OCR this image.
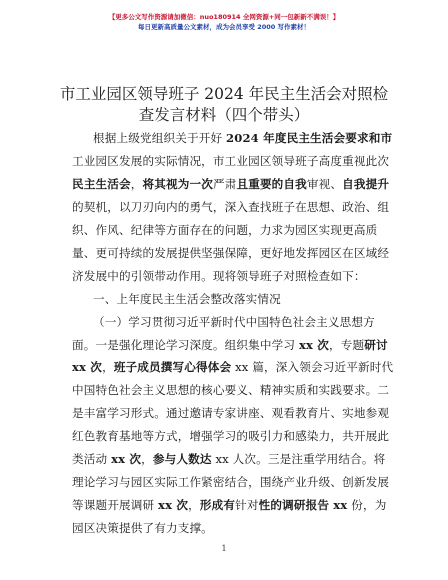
【更多公文写作资源请加微信：nuo180914 全网资源+同一包新新不满误！】
每日更新高质量公文素材，成为会员享受 2000 写作素材！
市工业园区领导班子 2024 年民主生活会对照检
查发言材料（四个带头）
根据上级党组织关于开好 2024 年度民主生活会要求和市
工业园区发展的实际情况，市工业园区领导班子高度重视此次
民主生活会，将其视为一次严肃且重要的自我审视、自我提升
的契机，以刀刃向内的勇气，深入查找班子在思想、政治、组
织、作风、纪律等方面存在的问题，力求为园区实现更高质
量、更可持续的发展提供坚强保障，更好地发挥园区在区域经
济发展中的引领带动作用。现将领导班子对照检查如下：
一、上年度民主生活会整改落实情况
（一）学习贯彻习近平新时代中国特色社会主义思想方
面。一是强化理论学习深度。组织集中学习 xx 次，专题研讨
xx 次，班子成员撰写心得体会 xx 篇，深入领会习近平新时代
中国特色社会主义思想的核心要义、精神实质和实践要求。二
是丰富学习形式。通过邀请专家讲座、观看教育片、实地参观
红色教育基地等方式，增强学习的吸引力和感染力，共开展此
类活动 xx 次，参与人数达 xx 人次。三是注重学用结合。将
理论学习与园区实际工作紧密结合，围绕产业升级、创新发展
等课题开展调研 xx 次，形成有针对性的调研报告 xx 份，为
园区决策提供了有力支撑。
1
